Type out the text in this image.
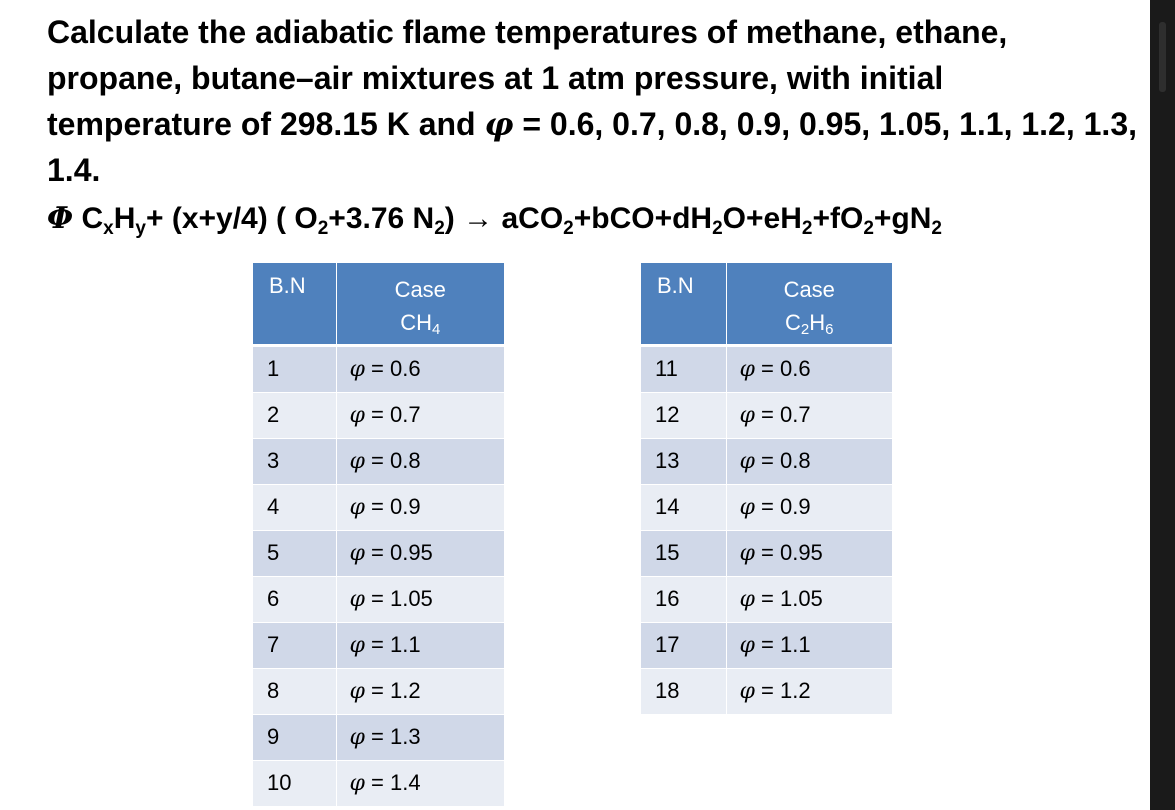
Calculate the adiabatic flame temperatures of methane, ethane, propane, butane–air mixtures at 1 atm pressure, with initial temperature of 298.15 K and φ = 0.6, 0.7, 0.8, 0.9, 0.95, 1.05, 1.1, 1.2, 1.3, 1.4.

Φ $C_xH_y+ (x+y/4)$ ( $O_2+3.76$ $N_2) \to aCO_2+bCO+dH_2O+eH_2+fO_2+gN_2$

B.N	Case
$CH_4$

1	φ = 0.6
2	φ = 0.7
3	φ = 0.8
4	φ = 0.9
5	φ = 0.95
6	φ = 1.05
7	φ = 1.1
8	φ = 1.2
9	φ = 1.3
10	φ = 1.4
B.N	Case
$C_2H_6$

11	φ = 0.6
12	φ = 0.7
13	φ = 0.8
14	φ = 0.9
15	φ = 0.95
16	φ = 1.05
17	φ = 1.1
18	φ = 1.2
